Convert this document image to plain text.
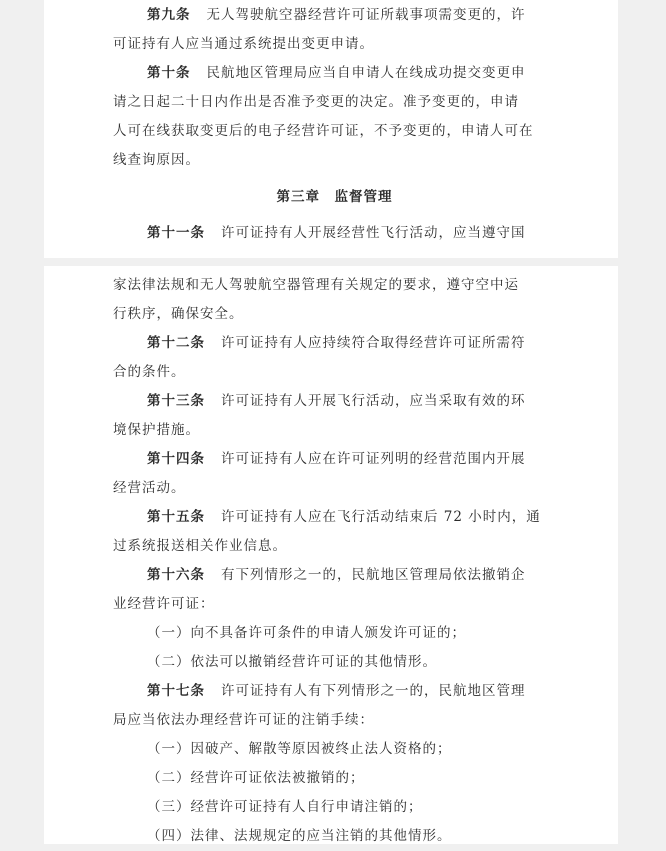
第九条 无人驾驶航空器经营许可证所载事项需变更的，许
可证持有人应当通过系统提出变更申请。
第十条 民航地区管理局应当自申请人在线成功提交变更申
请之日起二十日内作出是否准予变更的决定。准予变更的，申请
人可在线获取变更后的电子经营许可证，不予变更的，申请人可在
线查询原因。
第三章　监督管理
第十一条 许可证持有人开展经营性飞行活动，应当遵守国
家法律法规和无人驾驶航空器管理有关规定的要求，遵守空中运
行秩序，确保安全。
第十二条 许可证持有人应持续符合取得经营许可证所需符
合的条件。
第十三条 许可证持有人开展飞行活动，应当采取有效的环
境保护措施。
第十四条 许可证持有人应在许可证列明的经营范围内开展
经营活动。
第十五条 许可证持有人应在飞行活动结束后 72 小时内，通
过系统报送相关作业信息。
第十六条 有下列情形之一的，民航地区管理局依法撤销企
业经营许可证：
（一）向不具备许可条件的申请人颁发许可证的；
（二）依法可以撤销经营许可证的其他情形。
第十七条 许可证持有人有下列情形之一的，民航地区管理
局应当依法办理经营许可证的注销手续：
（一）因破产、解散等原因被终止法人资格的；
（二）经营许可证依法被撤销的；
（三）经营许可证持有人自行申请注销的；
（四）法律、法规规定的应当注销的其他情形。
